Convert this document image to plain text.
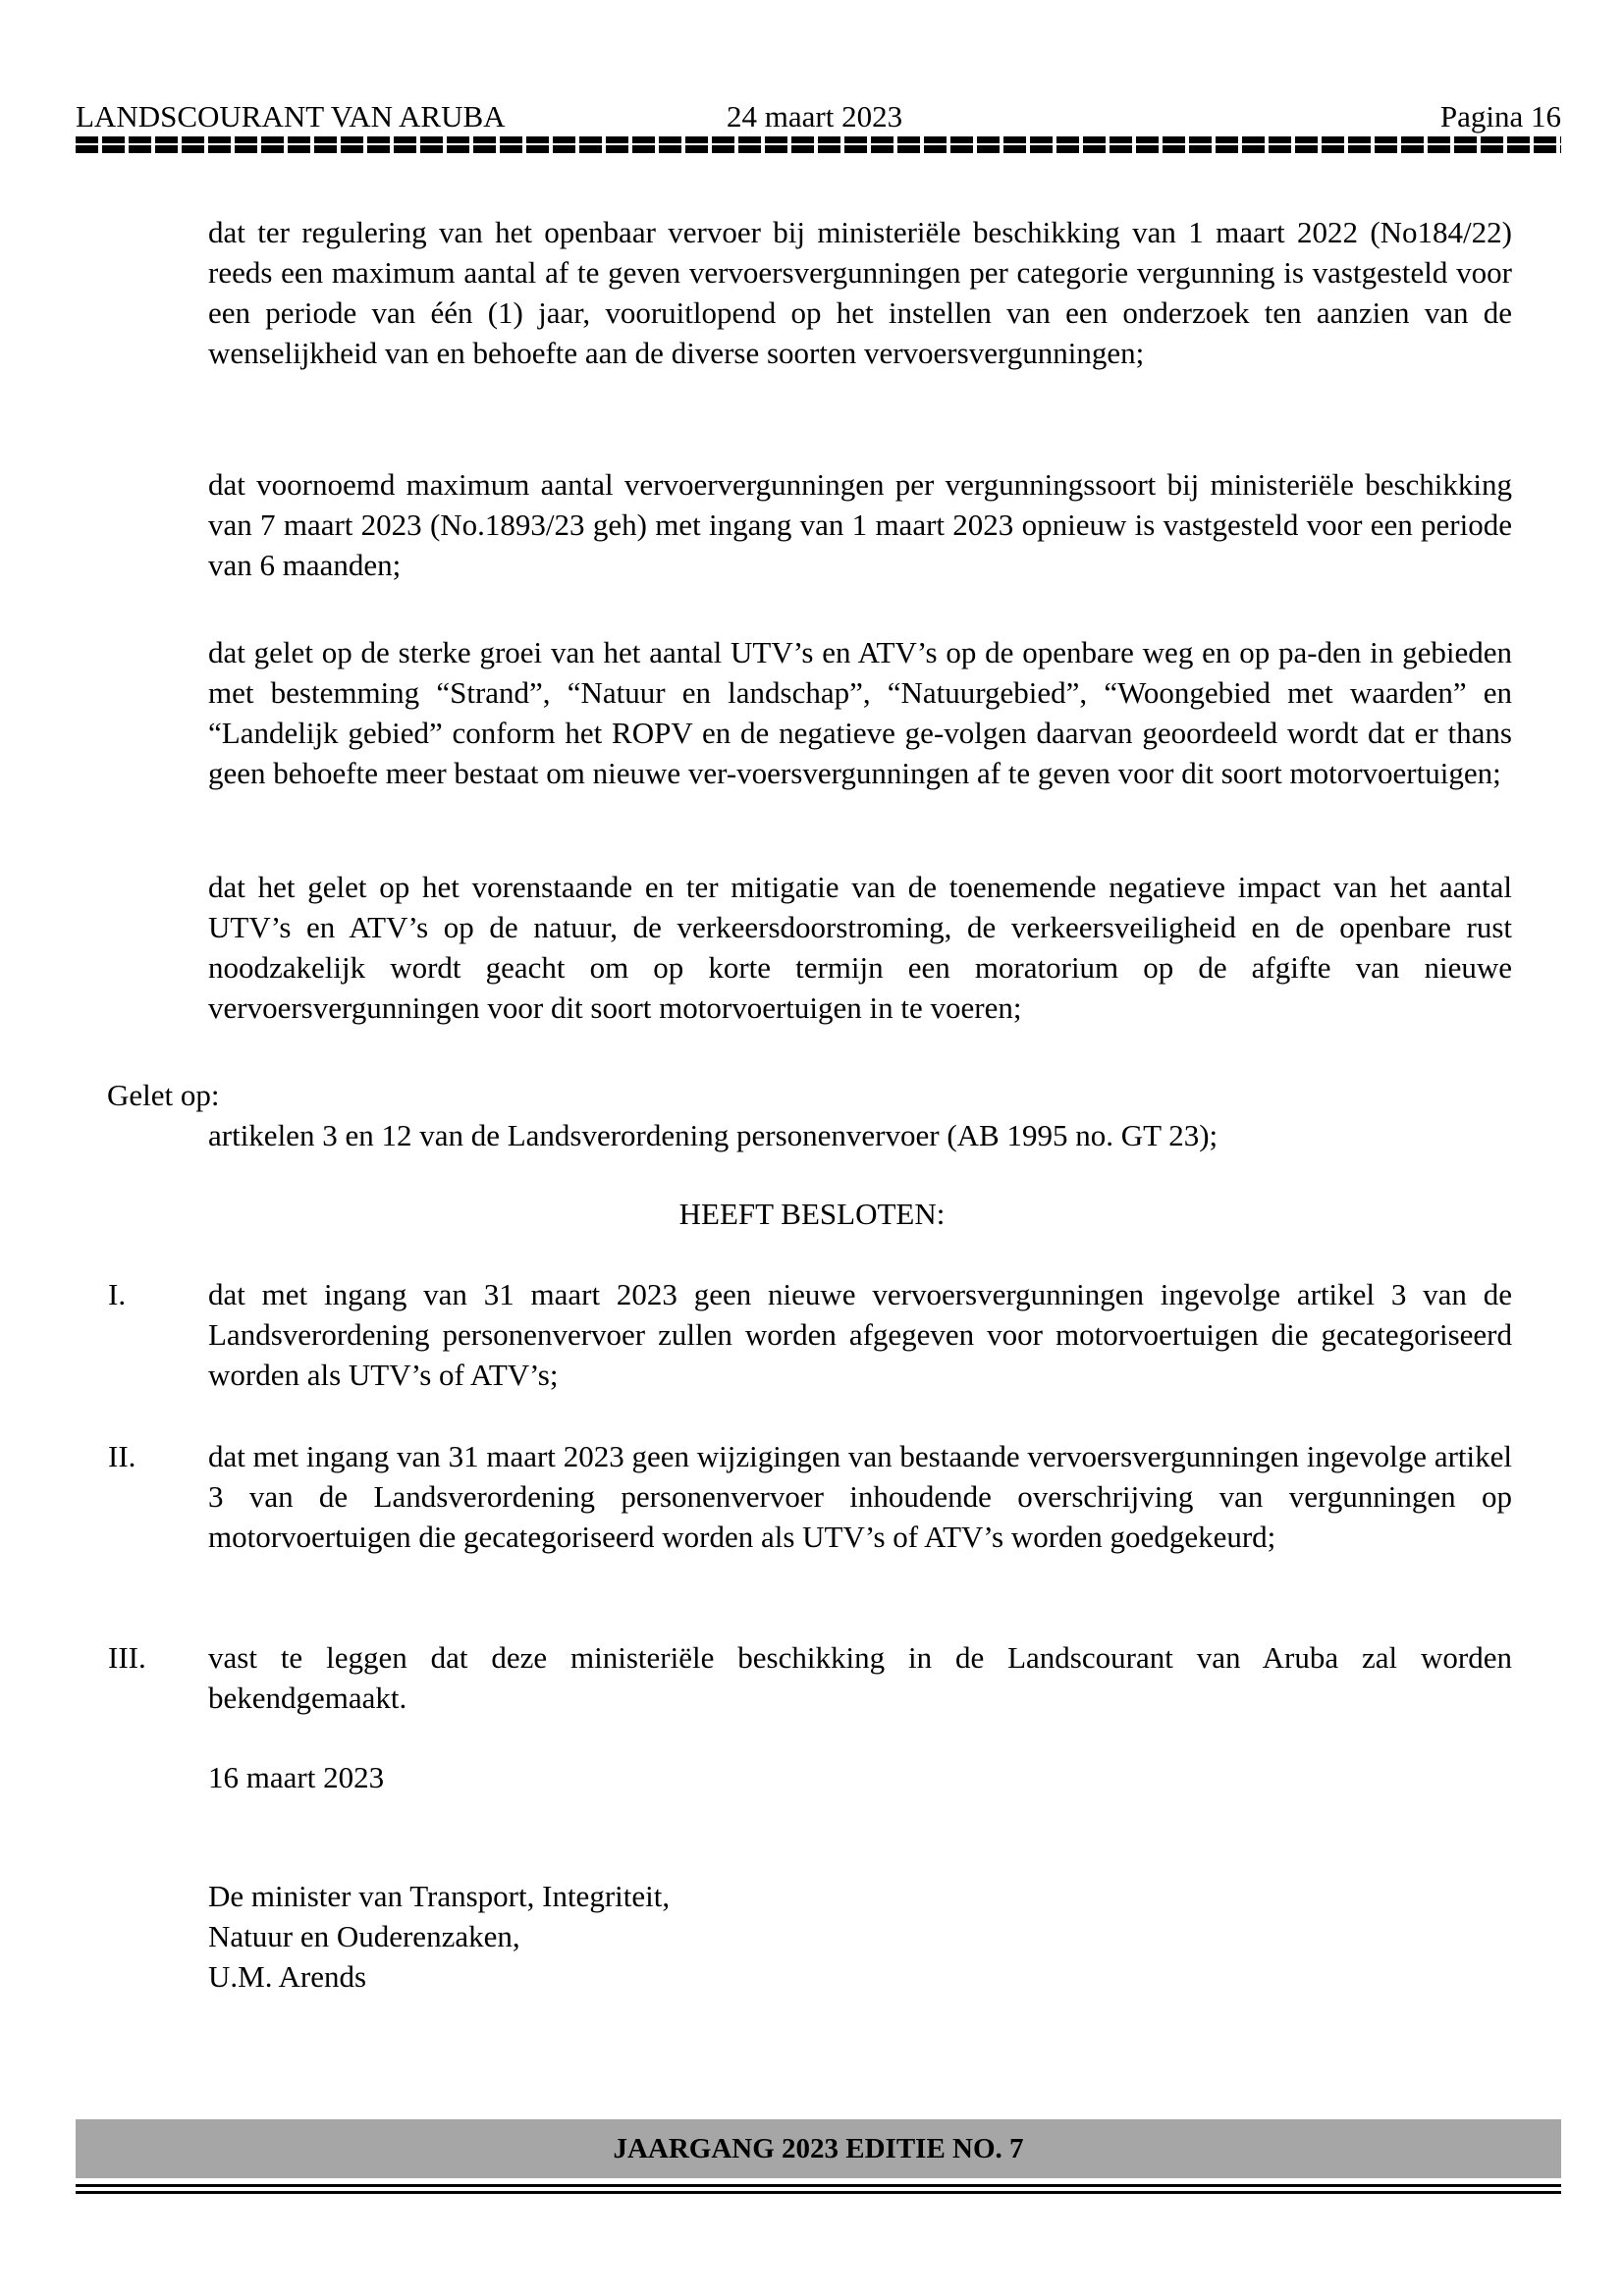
LANDSCOURANT VAN ARUBA	24 maart 2023	Pagina 16

dat ter regulering van het openbaar vervoer bij ministeriële beschikking van 1 maart 2022 (No184/22) reeds een maximum aantal af te geven vervoersvergunningen per categorie vergunning is vastgesteld voor een periode van één (1) jaar, vooruitlopend op het instellen van een onderzoek ten aanzien van de wenselijkheid van en behoefte aan de diverse soorten vervoersvergunningen;

dat voornoemd maximum aantal vervoervergunningen per vergunningssoort bij ministeriële beschikking van 7 maart 2023 (No.1893/23 geh) met ingang van 1 maart 2023 opnieuw is vastgesteld voor een periode van 6 maanden;

dat gelet op de sterke groei van het aantal UTV’s en ATV’s op de openbare weg en op pa-den in gebieden met bestemming “Strand”, “Natuur en landschap”, “Natuurgebied”, “Woongebied met waarden” en “Landelijk gebied” conform het ROPV en de negatieve ge-volgen daarvan geoordeeld wordt dat er thans geen behoefte meer bestaat om nieuwe ver-voersvergunningen af te geven voor dit soort motorvoertuigen;

dat het gelet op het vorenstaande en ter mitigatie van de toenemende negatieve impact van het aantal UTV’s en ATV’s op de natuur, de verkeersdoorstroming, de verkeersveiligheid en de openbare rust noodzakelijk wordt geacht om op korte termijn een moratorium op de afgifte van nieuwe vervoersvergunningen voor dit soort motorvoertuigen in te voeren;

Gelet op:
artikelen 3 en 12 van de Landsverordening personenvervoer (AB 1995 no. GT 23);
HEEFT BESLOTEN:
I.	dat met ingang van 31 maart 2023 geen nieuwe vervoersvergunningen ingevolge artikel 3 van de Landsverordening personenvervoer zullen worden afgegeven voor motorvoertuigen die gecategoriseerd worden als UTV’s of ATV’s;

II. dat met ingang van 31 maart 2023 geen wijzigingen van bestaande vervoersvergunningen ingevolge artikel 3 van de Landsverordening personenvervoer inhoudende overschrijving van vergunningen op motorvoertuigen die gecategoriseerd worden als UTV’s of ATV’s worden goedgekeurd;

III. vast te leggen dat deze ministeriële beschikking in de Landscourant van Aruba zal worden bekendgemaakt.

16 maart 2023
De minister van Transport, Integriteit,
Natuur en Ouderenzaken,
U.M. Arends
JAARGANG 2023 EDITIE NO. 7
